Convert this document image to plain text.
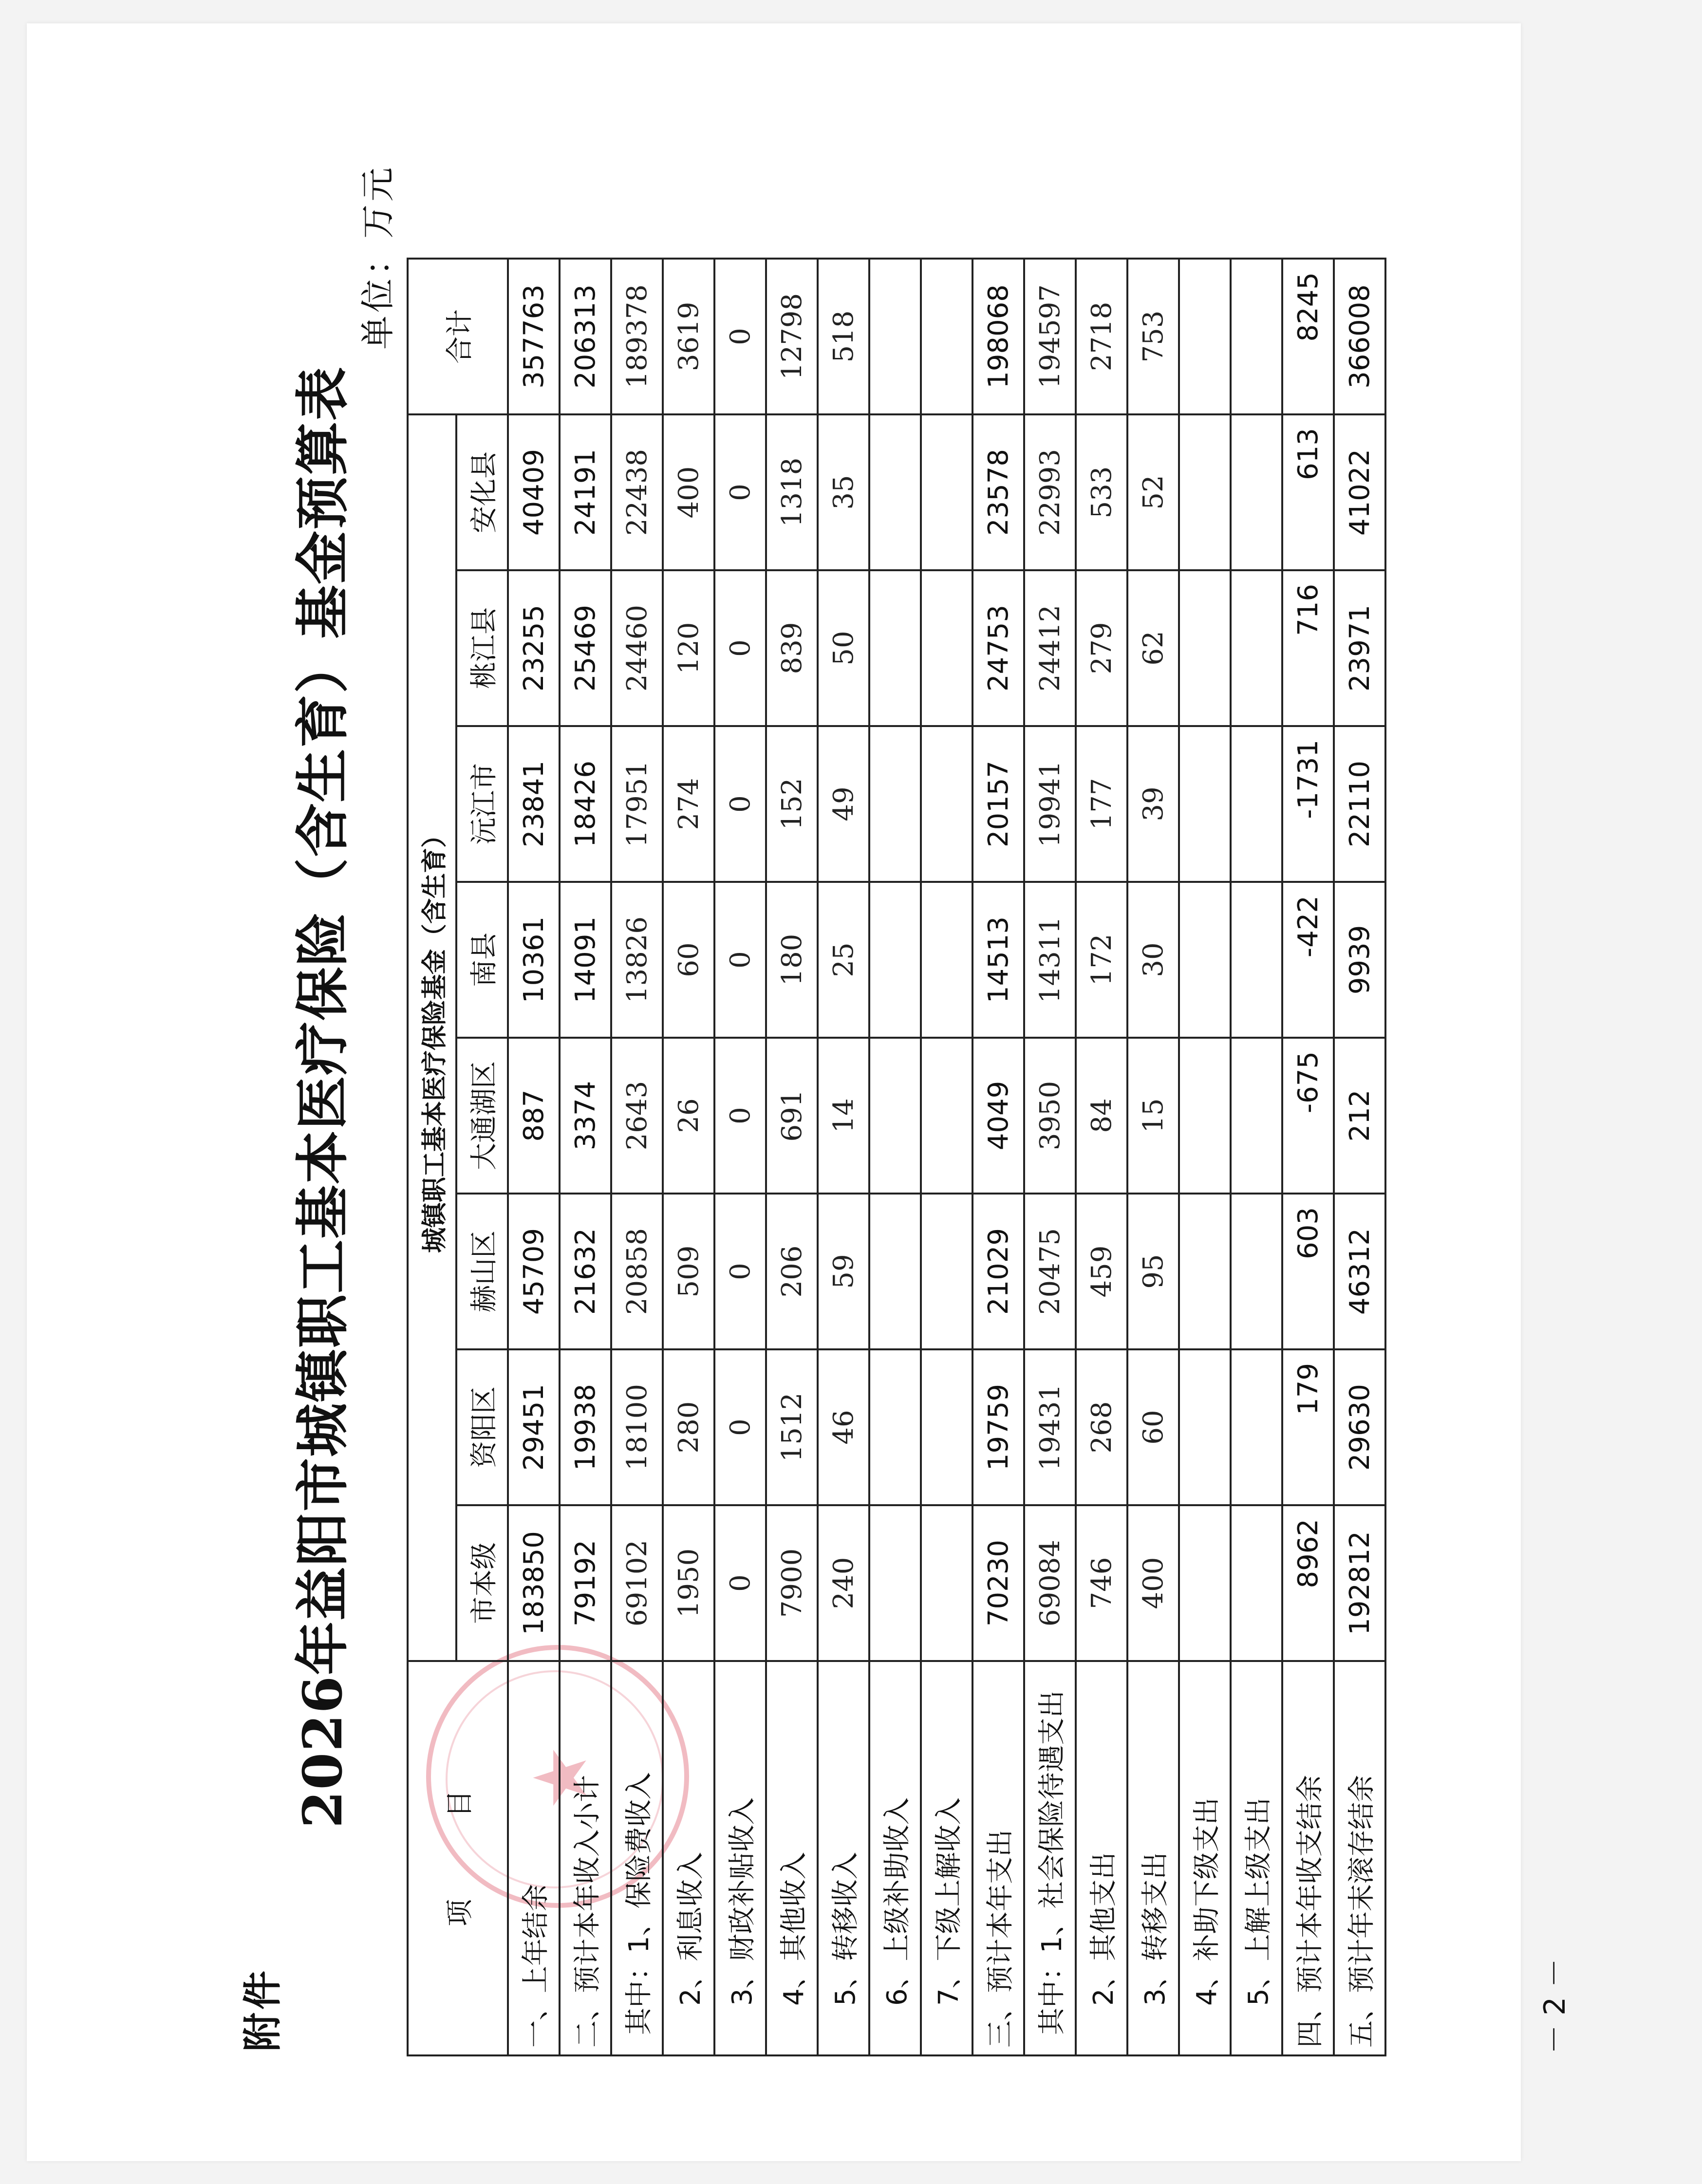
附件
2026年益阳市城镇职工基本医疗保险（含生育）基金预算表
单位：万元
★
项　　　目	城镇职工基本医疗保险基金（含生育）								合计
	市本级	资阳区	赫山区	大通湖区	南县	沅江市	桃江县	安化县	
一、上年结余	183850	29451	45709	887	10361	23841	23255	40409	357763
二、预计本年收入小计	79192	19938	21632	3374	14091	18426	25469	24191	206313
其中：1、保险费收入	69102	18100	20858	2643	13826	17951	24460	22438	189378
2、利息收入	1950	280	509	26	60	274	120	400	3619
3、财政补贴收入	0	0	0	0	0	0	0	0	0
4、其他收入	7900	1512	206	691	180	152	839	1318	12798
5、转移收入	240	46	59	14	25	49	50	35	518
6、上级补助收入									
7、下级上解收入									
三、预计本年支出	70230	19759	21029	4049	14513	20157	24753	23578	198068
其中：1、社会保险待遇支出	69084	19431	20475	3950	14311	19941	24412	22993	194597
2、其他支出	746	268	459	84	172	177	279	533	2718
3、转移支出	400	60	95	15	30	39	62	52	753
4、补助下级支出									
5、上解上级支出									
四、预计本年收支结余	8962	179	603	-675	-422	-1731	716	613	8245
五、预计年末滚存结余	192812	29630	46312	212	9939	22110	23971	41022	366008
－ 2 －
